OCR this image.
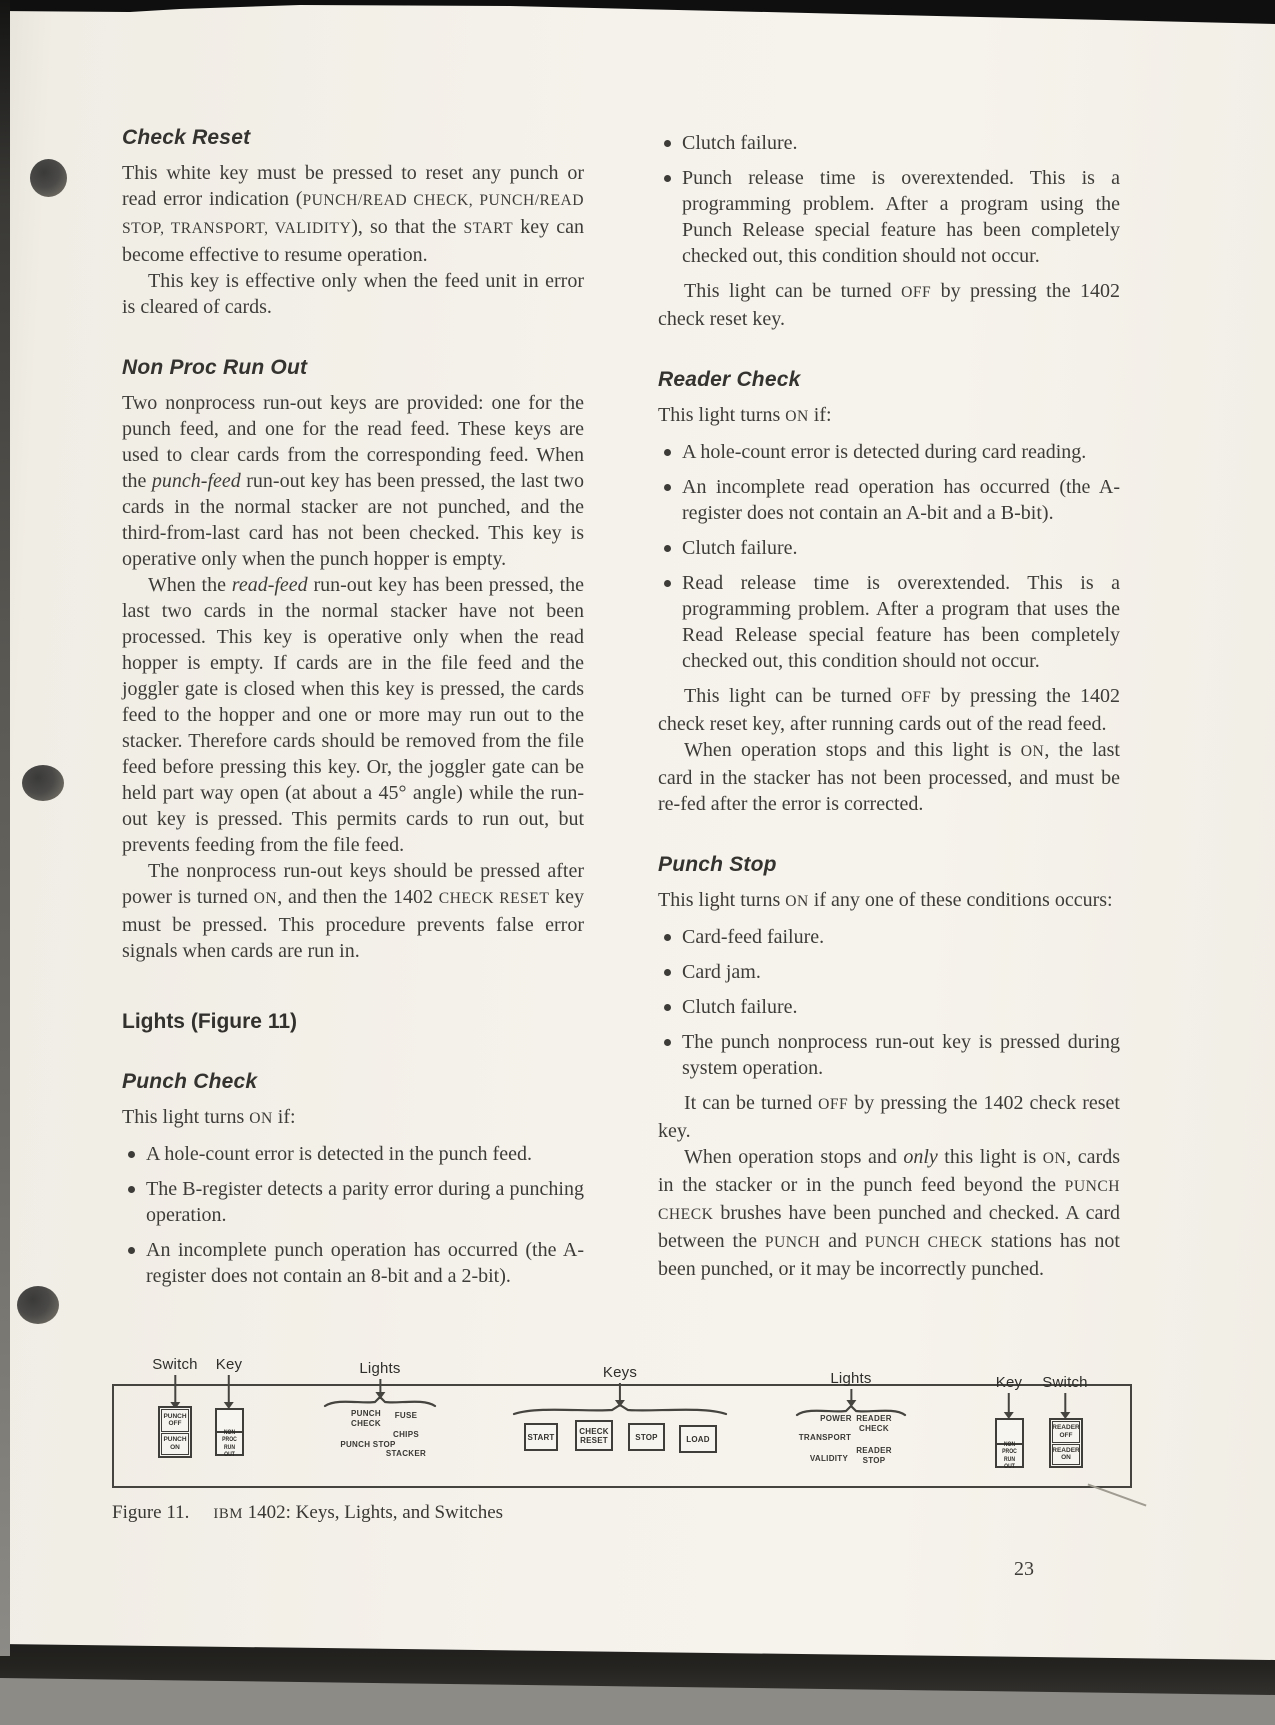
Check Reset

This white key must be pressed to reset any punch or read error indication (PUNCH/READ CHECK, PUNCH/READ STOP, TRANSPORT, VALIDITY), so that the START key can become effective to resume operation.

This key is effective only when the feed unit in error is cleared of cards.

Non Proc Run Out

Two nonprocess run-out keys are provided: one for the punch feed, and one for the read feed. These keys are used to clear cards from the corresponding feed. When the punch-feed run-out key has been pressed, the last two cards in the normal stacker are not punched, and the third-from-last card has not been checked. This key is operative only when the punch hopper is empty.

When the read-feed run-out key has been pressed, the last two cards in the normal stacker have not been processed. This key is operative only when the read hopper is empty. If cards are in the file feed and the joggler gate is closed when this key is pressed, the cards feed to the hopper and one or more may run out to the stacker. Therefore cards should be removed from the file feed before pressing this key. Or, the joggler gate can be held part way open (at about a 45° angle) while the run-out key is pressed. This permits cards to run out, but prevents feeding from the file feed.

The nonprocess run-out keys should be pressed after power is turned ON, and then the 1402 CHECK RESET key must be pressed. This procedure prevents false error signals when cards are run in.

Lights (Figure 11)
Punch Check

This light turns ON if:

A hole-count error is detected in the punch feed.
The B-register detects a parity error during a punching operation.
An incomplete punch operation has occurred (the A-register does not contain an 8-bit and a 2-bit).
Clutch failure.
Punch release time is overextended. This is a programming problem. After a program using the Punch Release special feature has been completely checked out, this condition should not occur.

This light can be turned OFF by pressing the 1402 check reset key.

Reader Check

This light turns ON if:

A hole-count error is detected during card reading.
An incomplete read operation has occurred (the A-register does not contain an A-bit and a B-bit).
Clutch failure.
Read release time is overextended. This is a programming problem. After a program that uses the Read Release special feature has been completely checked out, this condition should not occur.

This light can be turned OFF by pressing the 1402 check reset key, after running cards out of the read feed.

When operation stops and this light is ON, the last card in the stacker has not been processed, and must be re-fed after the error is corrected.

Punch Stop

This light turns ON if any one of these conditions occurs:

Card-feed failure.
Card jam.
Clutch failure.
The punch nonprocess run-out key is pressed during system operation.

It can be turned OFF by pressing the 1402 check reset key.

When operation stops and only this light is ON, cards in the stacker or in the punch feed beyond the PUNCH CHECK brushes have been punched and checked. A card between the PUNCH and PUNCH CHECK stations has not been punched, or it may be incorrectly punched.

Switch Key	Lights	Keys	Lights	Key Switch
PUNCH OFF
PUNCH ON
NON PROC RUN OUT
PUNCH CHECK
FUSE
CHIPS
PUNCH STOP
STACKER
START
CHECK RESET	STOP	LOAD
POWER READER CHECK
TRANSPORT
READER STOP
VALIDITY
NON PROC RUN OUT
READER OFF
READER ON
Figure 11. IBM 1402: Keys, Lights, and Switches
23
